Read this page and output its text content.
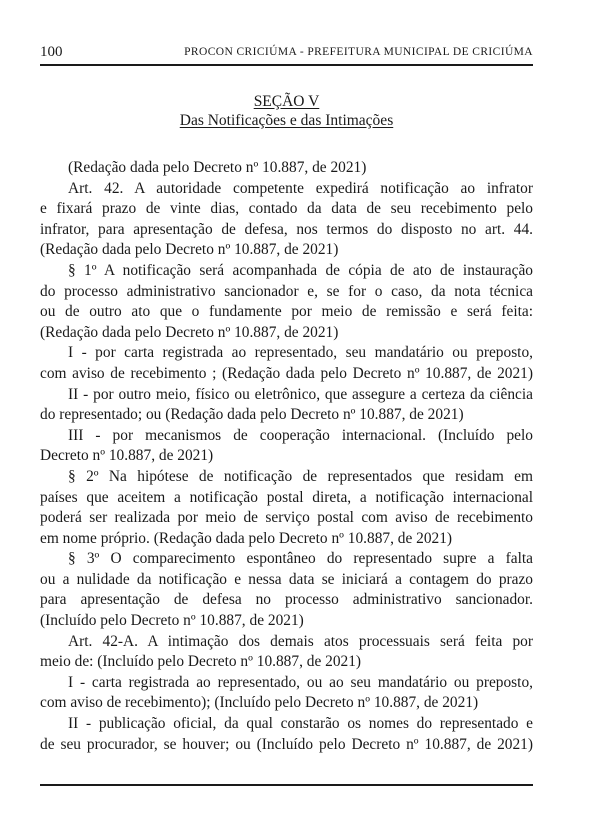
100	PROCON CRICIÚMA - PREFEITURA MUNICIPAL DE CRICIÚMA
SEÇÃO V
Das Notificações e das Intimações
(Redação dada pelo Decreto nº 10.887, de 2021)
Art. 42. A autoridade competente expedirá notificação ao infrator
e fixará prazo de vinte dias, contado da data de seu recebimento pelo
infrator, para apresentação de defesa, nos termos do disposto no art. 44.
(Redação dada pelo Decreto nº 10.887, de 2021)
§ 1º A notificação será acompanhada de cópia de ato de instauração
do processo administrativo sancionador e, se for o caso, da nota técnica
ou de outro ato que o fundamente por meio de remissão e será feita:
(Redação dada pelo Decreto nº 10.887, de 2021)
I - por carta registrada ao representado, seu mandatário ou preposto,
com aviso de recebimento ; (Redação dada pelo Decreto nº 10.887, de 2021)
II - por outro meio, físico ou eletrônico, que assegure a certeza da ciência
do representado; ou (Redação dada pelo Decreto nº 10.887, de 2021)
III - por mecanismos de cooperação internacional. (Incluído pelo
Decreto nº 10.887, de 2021)
§ 2º Na hipótese de notificação de representados que residam em
países que aceitem a notificação postal direta, a notificação internacional
poderá ser realizada por meio de serviço postal com aviso de recebimento
em nome próprio. (Redação dada pelo Decreto nº 10.887, de 2021)
§ 3º O comparecimento espontâneo do representado supre a falta
ou a nulidade da notificação e nessa data se iniciará a contagem do prazo
para apresentação de defesa no processo administrativo sancionador.
(Incluído pelo Decreto nº 10.887, de 2021)
Art. 42-A. A intimação dos demais atos processuais será feita por
meio de: (Incluído pelo Decreto nº 10.887, de 2021)
I - carta registrada ao representado, ou ao seu mandatário ou preposto,
com aviso de recebimento); (Incluído pelo Decreto nº 10.887, de 2021)
II - publicação oficial, da qual constarão os nomes do representado e
de seu procurador, se houver; ou (Incluído pelo Decreto nº 10.887, de 2021)
